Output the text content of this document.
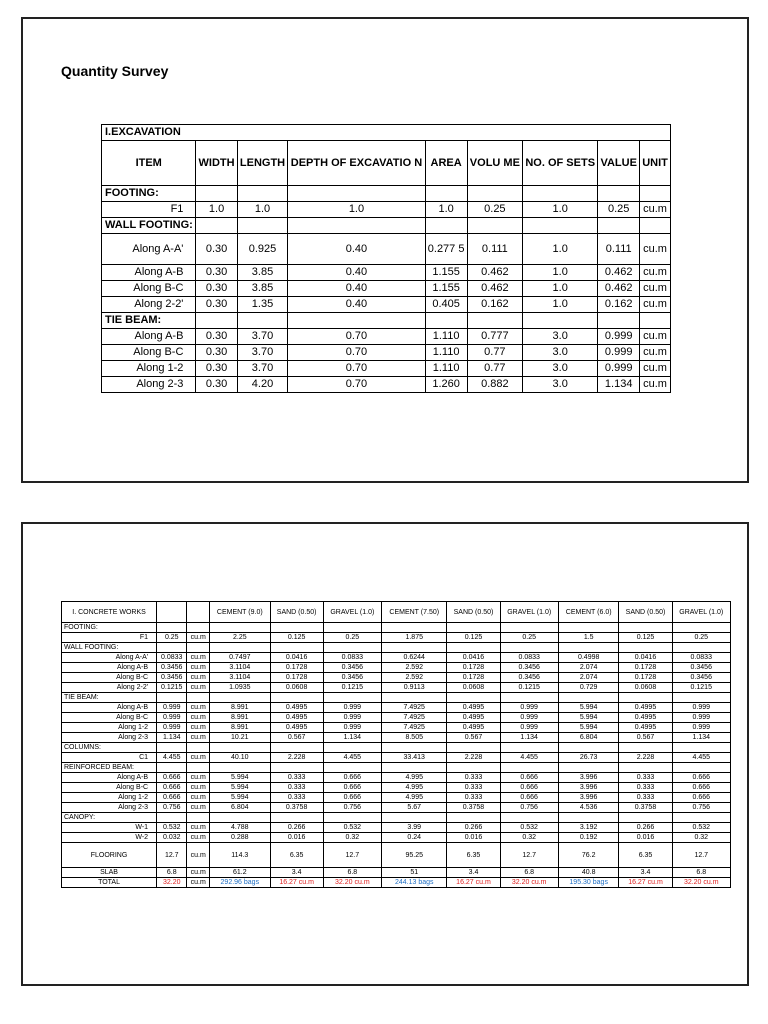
Quantity Survey
I.EXCAVATION								
ITEM	WIDTH	LENGTH	DEPTH OF EXCAVATIO N	AREA	VOLU ME	NO. OF SETS	VALUE	UNIT
FOOTING:								
F1	1.0	1.0	1.0	1.0	0.25	1.0	0.25	cu.m
WALL FOOTING:								
Along A-A'	0.30	0.925	0.40	0.277 5	0.111	1.0	0.111	cu.m
Along A-B	0.30	3.85	0.40	1.155	0.462	1.0	0.462	cu.m
Along B-C	0.30	3.85	0.40	1.155	0.462	1.0	0.462	cu.m
Along 2-2'	0.30	1.35	0.40	0.405	0.162	1.0	0.162	cu.m
TIE BEAM:								
Along A-B	0.30	3.70	0.70	1.110	0.777	3.0	0.999	cu.m
Along B-C	0.30	3.70	0.70	1.110	0.77	3.0	0.999	cu.m
Along 1-2	0.30	3.70	0.70	1.110	0.77	3.0	0.999	cu.m
Along 2-3	0.30	4.20	0.70	1.260	0.882	3.0	1.134	cu.m
I. CONCRETE WORKS			CEMENT (9.0)	SAND (0.50)	GRAVEL (1.0)	CEMENT (7.50)	SAND (0.50)	GRAVEL (1.0)	CEMENT (6.0)	SAND (0.50)	GRAVEL (1.0)
FOOTING:											
F1	0.25	cu.m	2.25	0.125	0.25	1.875	0.125	0.25	1.5	0.125	0.25
WALL FOOTING:											
Along A-A'	0.0833	cu.m	0.7497	0.0416	0.0833	0.6244	0.0416	0.0833	0.4998	0.0416	0.0833
Along A-B	0.3456	cu.m	3.1104	0.1728	0.3456	2.592	0.1728	0.3456	2.074	0.1728	0.3456
Along B-C	0.3456	cu.m	3.1104	0.1728	0.3456	2.592	0.1728	0.3456	2.074	0.1728	0.3456
Along 2-2'	0.1215	cu.m	1.0935	0.0608	0.1215	0.9113	0.0608	0.1215	0.729	0.0608	0.1215
TIE BEAM:											
Along A-B	0.999	cu.m	8.991	0.4995	0.999	7.4925	0.4995	0.999	5.994	0.4995	0.999
Along B-C	0.999	cu.m	8.991	0.4995	0.999	7.4925	0.4995	0.999	5.994	0.4995	0.999
Along 1-2	0.999	cu.m	8.991	0.4995	0.999	7.4925	0.4995	0.999	5.994	0.4995	0.999
Along 2-3	1.134	cu.m	10.21	0.567	1.134	8.505	0.567	1.134	6.804	0.567	1.134
COLUMNS:											
C1	4.455	cu.m	40.10	2.228	4.455	33.413	2.228	4.455	26.73	2.228	4.455
REINFORCED BEAM:											
Along A-B	0.666	cu.m	5.994	0.333	0.666	4.995	0.333	0.666	3.996	0.333	0.666
Along B-C	0.666	cu.m	5.994	0.333	0.666	4.995	0.333	0.666	3.996	0.333	0.666
Along 1-2	0.666	cu.m	5.994	0.333	0.666	4.995	0.333	0.666	3.996	0.333	0.666
Along 2-3	0.756	cu.m	6.804	0.3758	0.756	5.67	0.3758	0.756	4.536	0.3758	0.756
CANOPY:											
W-1	0.532	cu.m	4.788	0.266	0.532	3.99	0.266	0.532	3.192	0.266	0.532
W-2	0.032	cu.m	0.288	0.016	0.32	0.24	0.016	0.32	0.192	0.016	0.32
FLOORING	12.7	cu.m	114.3	6.35	12.7	95.25	6.35	12.7	76.2	6.35	12.7
SLAB	6.8	cu.m	61.2	3.4	6.8	51	3.4	6.8	40.8	3.4	6.8
TOTAL	32.20	cu.m	292.96 bags	16.27 cu.m	32.20 cu.m	244.13 bags	16.27 cu.m	32.20 cu.m	195.30 bags	16.27 cu.m	32.20 cu.m
